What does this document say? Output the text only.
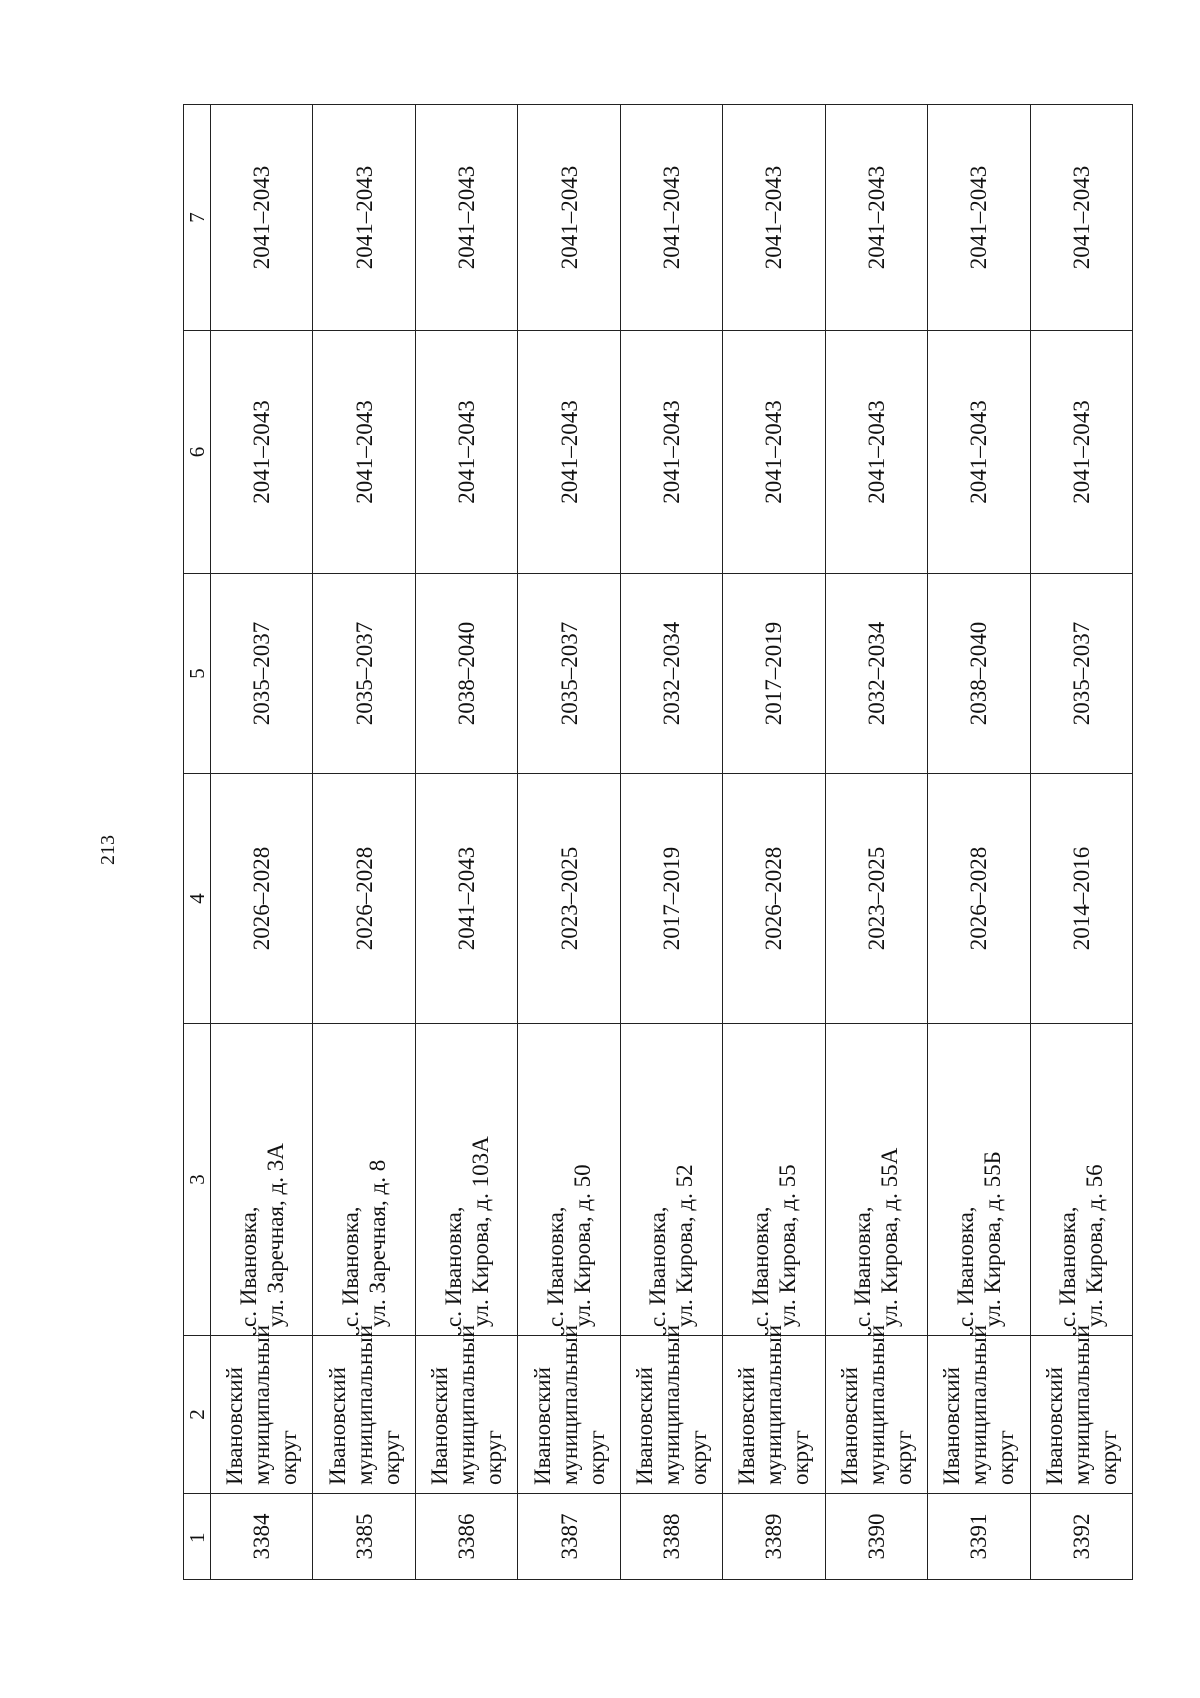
213
1	2	3	4	5	6	7
3384	Ивановский муниципальный округ	с. Ивановка, ул. Заречная, д. 3А	2026–2028	2035–2037	2041–2043	2041–2043
3385	Ивановский муниципальный округ	с. Ивановка, ул. Заречная, д. 8	2026–2028	2035–2037	2041–2043	2041–2043
3386	Ивановский муниципальный округ	с. Ивановка, ул. Кирова, д. 103А	2041–2043	2038–2040	2041–2043	2041–2043
3387	Ивановский муниципальный округ	с. Ивановка, ул. Кирова, д. 50	2023–2025	2035–2037	2041–2043	2041–2043
3388	Ивановский муниципальный округ	с. Ивановка, ул. Кирова, д. 52	2017–2019	2032–2034	2041–2043	2041–2043
3389	Ивановский муниципальный округ	с. Ивановка, ул. Кирова, д. 55	2026–2028	2017–2019	2041–2043	2041–2043
3390	Ивановский муниципальный округ	с. Ивановка, ул. Кирова, д. 55А	2023–2025	2032–2034	2041–2043	2041–2043
3391	Ивановский муниципальный округ	с. Ивановка, ул. Кирова, д. 55Б	2026–2028	2038–2040	2041–2043	2041–2043
3392	Ивановский муниципальный округ	с. Ивановка, ул. Кирова, д. 56	2014–2016	2035–2037	2041–2043	2041–2043
